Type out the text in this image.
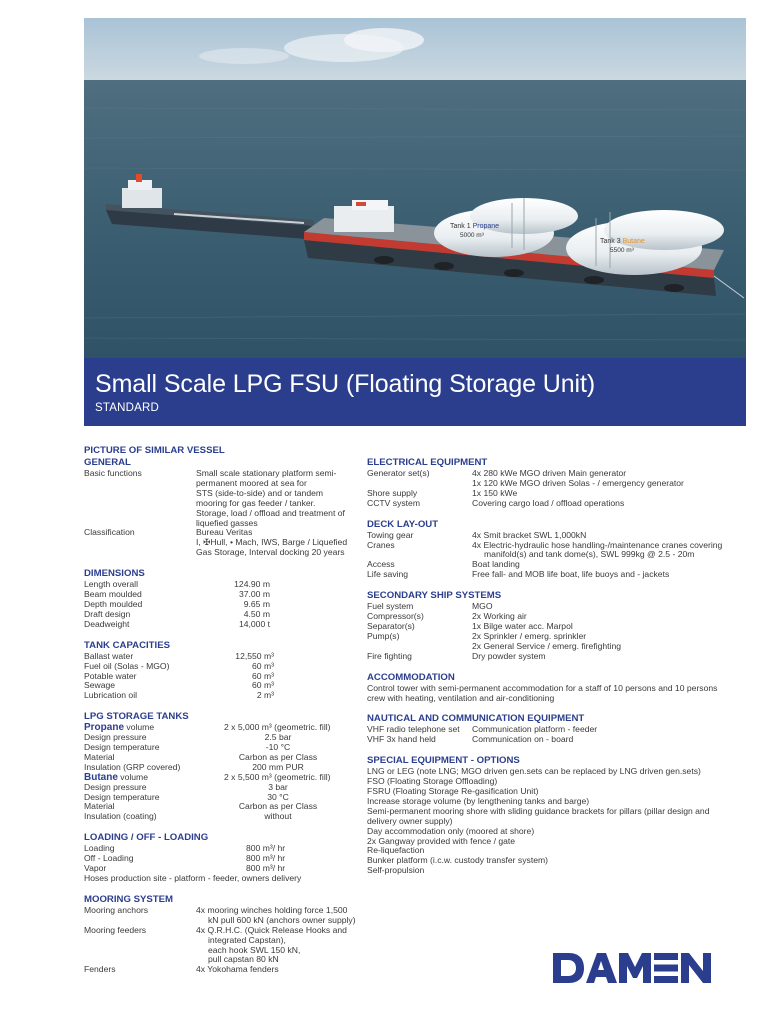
Tank 1 Propane
5000 m³
Tank 3 Butane
5500 m³
Small Scale LPG FSU (Floating Storage Unit)
STANDARD
PICTURE OF SIMILAR VESSEL
GENERAL
Basic functions	Small scale stationary platform semi-
permanent moored at sea for
STS (side-to-side) and or tandem
mooring for gas feeder / tanker.
Storage, load / offload and treatment of
liquefied gasses
Classification	Bureau Veritas
I, ✠Hull, • Mach, IWS, Barge / Liquefied
Gas Storage, Interval docking 20 years
DIMENSIONS
Length overall	124.90 m
Beam moulded	37.00 m
Depth moulded	9.65 m
Draft design	4.50 m
Deadweight	14,000 t
TANK CAPACITIES
Ballast water	12,550 m³
Fuel oil (Solas - MGO)	60 m³
Potable water	60 m³
Sewage	60 m³
Lubrication oil	2 m³
LPG STORAGE TANKS
Propane volume	2 x 5,000 m³ (geometric. fill)
Design pressure	2.5 bar
Design temperature	-10 °C
Material	Carbon as per Class
Insulation (GRP covered)	200 mm PUR
Butane volume	2 x 5,500 m³ (geometric. fill)
Design pressure	3 bar
Design temperature	30 °C
Material	Carbon as per Class
Insulation (coating)	without
LOADING / OFF - LOADING
Loading	800 m³/ hr
Off - Loading	800 m³/ hr
Vapor	800 m³/ hr
Hoses production site - platform - feeder, owners delivery
MOORING SYSTEM
Mooring anchors	4x mooring winches holding force 1,500
kN pull 600 kN (anchors owner supply)
Mooring feeders	4x Q.R.H.C. (Quick Release Hooks and
integrated Capstan),
each hook SWL 150 kN,
pull capstan 80 kN
Fenders	4x Yokohama fenders
ELECTRICAL EQUIPMENT
Generator set(s)	4x 280 kWe MGO driven Main generator
1x 120 kWe MGO driven Solas - / emergency generator
Shore supply	1x 150 kWe
CCTV system	Covering cargo load / offload operations
DECK LAY-OUT
Towing gear	4x Smit bracket SWL 1,000kN
Cranes	4x Electric-hydraulic hose handling-/maintenance cranes covering
manifold(s) and tank dome(s), SWL 999kg @ 2.5 - 20m
Access	Boat landing
Life saving	Free fall- and MOB life boat, life buoys and - jackets
SECONDARY SHIP SYSTEMS
Fuel system	MGO
Compressor(s)	2x Working air
Separator(s)	1x Bilge water acc. Marpol
Pump(s)	2x Sprinkler / emerg. sprinkler
2x General Service / emerg. firefighting
Fire fighting	Dry powder system
ACCOMMODATION
Control tower with semi-permanent accommodation for a staff of 10 persons and 10 persons
crew with heating, ventilation and air-conditioning
NAUTICAL AND COMMUNICATION EQUIPMENT
VHF radio telephone set	Communication platform - feeder
VHF 3x hand held	Communication on - board
SPECIAL EQUIPMENT - OPTIONS
LNG or LEG (note LNG; MGO driven gen.sets can be replaced by LNG driven gen.sets)
FSO (Floating Storage Offloading)
FSRU (Floating Storage Re-gasification Unit)
Increase storage volume (by lengthening tanks and barge)
Semi-permanent mooring shore with sliding guidance brackets for pillars (pillar design and
delivery owner supply)
Day accommodation only (moored at shore)
2x Gangway provided with fence / gate
Re-liquefaction
Bunker platform (i.c.w. custody transfer system)
Self-propulsion
